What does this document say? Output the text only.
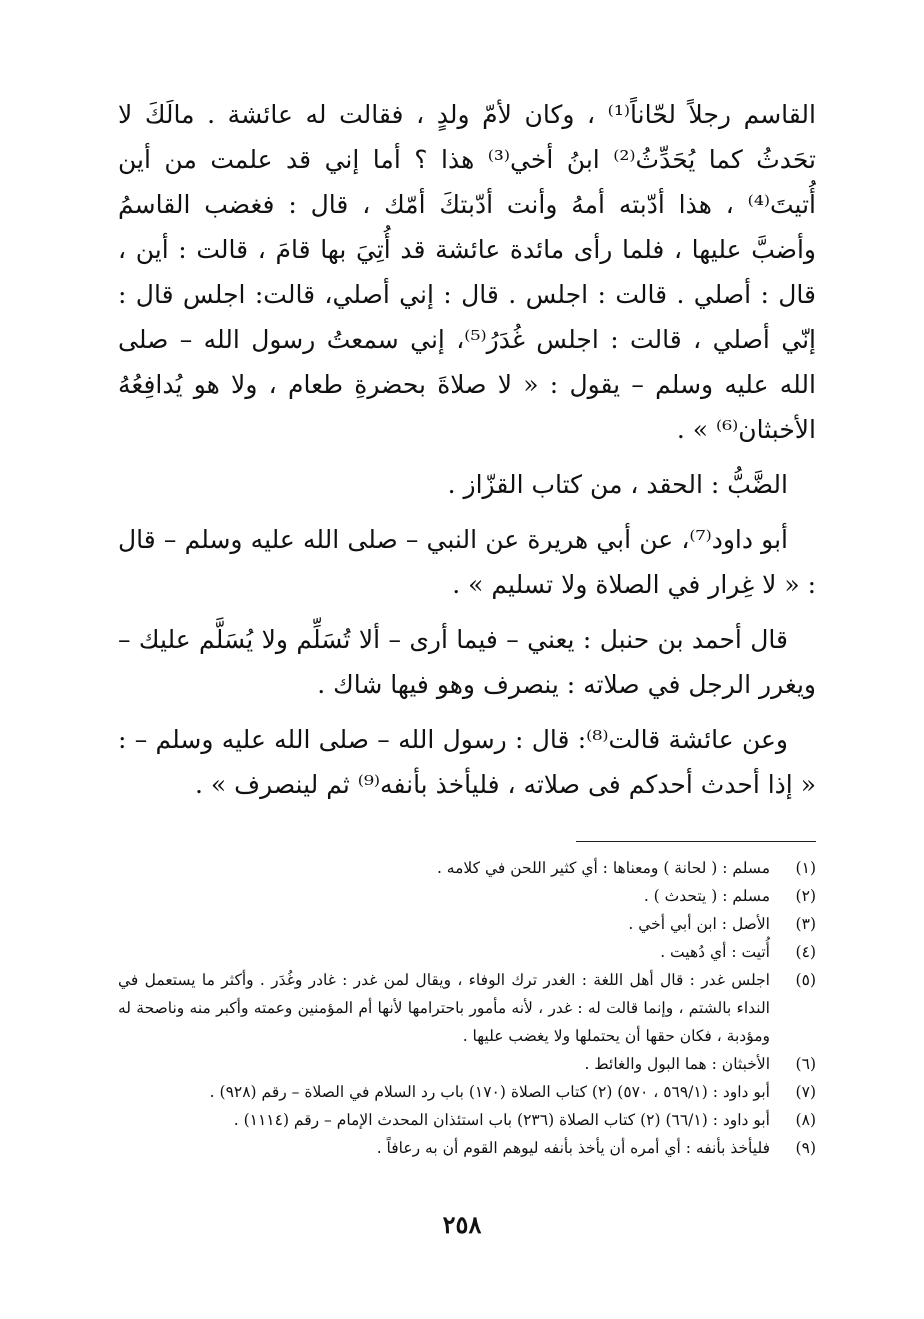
القاسم رجلاً لحّاناً⁽¹⁾ ، وكان لأمّ ولدٍ ، فقالت له عائشة . مالَكَ لا تحَدثُ كما يُحَدِّثُ⁽²⁾ ابنُ أخي⁽³⁾ هذا ؟ أما إني قد علمت من أين أُتيتَ⁽⁴⁾ ، هذا أدّبته أمهُ وأنت أدّبتكَ أمّك ، قال : فغضب القاسمُ وأضبَّ عليها ، فلما رأى مائدة عائشة قد أُتِيَ بها قامَ ، قالت : أين ، قال : أصلي . قالت : اجلس . قال : إني أصلي، قالت: اجلس قال : إنّي أصلي ، قالت : اجلس غُدَرُ⁽⁵⁾، إني سمعتُ رسول الله – صلى الله عليه وسلم – يقول : « لا صلاةَ بحضرةِ طعام ، ولا هو يُدافِعُهُ الأخبثان⁽⁶⁾ » .

الضَّبُّ : الحقد ، من كتاب القزّاز .

أبو داود⁽⁷⁾، عن أبي هريرة عن النبي – صلى الله عليه وسلم – قال : « لا غِرار في الصلاة ولا تسليم » .

قال أحمد بن حنبل : يعني – فيما أرى – ألا تُسَلِّم ولا يُسَلَّم عليك – ويغرر الرجل في صلاته : ينصرف وهو فيها شاك .

وعن عائشة قالت⁽⁸⁾: قال : رسول الله – صلى الله عليه وسلم – : « إذا أحدث أحدكم فى صلاته ، فليأخذ بأنفه⁽⁹⁾ ثم لينصرف » .

(١)
مسلم : ( لحانة ) ومعناها : أي كثير اللحن في كلامه .
(٢)
مسلم : ( يتحدث ) .
(٣)
الأصل : ابن أبي أخي .
(٤)
أُتيت : أي دُهيت .
(٥)
اجلس غدر : قال أهل اللغة : الغدر ترك الوفاء ، ويقال لمن غدر : غادر وغُدَر . وأكثر ما يستعمل في النداء بالشتم ، وإنما قالت له : غدر ، لأنه مأمور باحترامها لأنها أم المؤمنين وعمته وأكبر منه وناصحة له ومؤدبة ، فكان حقها أن يحتملها ولا يغضب عليها .
(٦)
الأخبثان : هما البول والغائط .
(٧)
أبو داود : (٥٦٩/١ ، ٥٧٠) (٢) كتاب الصلاة (١٧٠) باب رد السلام في الصلاة – رقم (٩٢٨) .
(٨)
أبو داود : (٦٦/١) (٢) كتاب الصلاة (٢٣٦) باب استئذان المحدث الإمام – رقم (١١١٤) .
(٩)
فليأخذ بأنفه : أي أمره أن يأخذ بأنفه ليوهم القوم أن به رعافاً .
٢٥٨
